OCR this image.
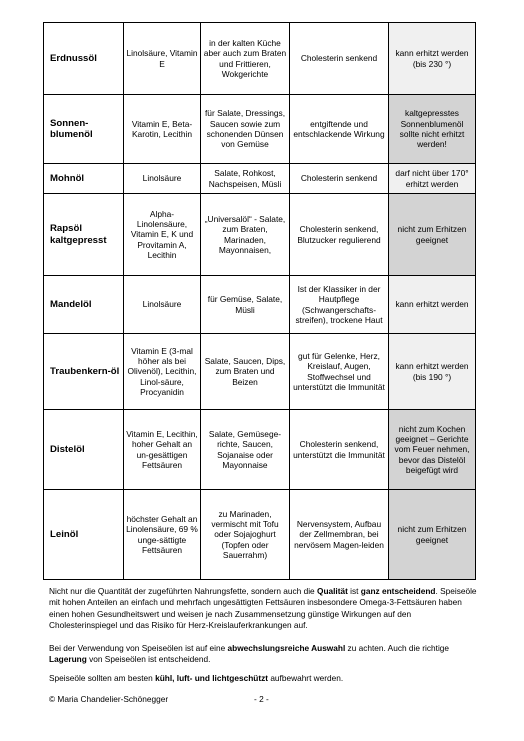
Erdnussöl	Linolsäure, Vitamin E	in der kalten Küche aber auch zum Braten und Frittieren, Wokgerichte	Cholesterin senkend	kann erhitzt werden (bis 230 °)
Sonnen-blumenöl	Vitamin E, Beta-Karotin, Lecithin	für Salate, Dressings, Saucen sowie zum schonenden Dünsen von Gemüse	entgiftende und entschlackende Wirkung	kaltgepresstes Sonnenblumenöl sollte nicht erhitzt werden!
Mohnöl	Linolsäure	Salate, Rohkost, Nachspeisen, Müsli	Cholesterin senkend	darf nicht über 170° erhitzt werden
Rapsöl kaltgepresst	Alpha-Linolensäure, Vitamin E, K und Provitamin A, Lecithin	„Universalöl“ - Salate, zum Braten, Marinaden, Mayonnaisen,	Cholesterin senkend, Blutzucker regulierend	nicht zum Erhitzen geeignet
Mandelöl	Linolsäure	für Gemüse, Salate, Müsli	Ist der Klassiker in der Hautpflege (Schwangerschafts-streifen), trockene Haut	kann erhitzt werden
Traubenkern-öl	Vitamin E (3-mal höher als bei Olivenöl), Lecithin, Linol-säure, Procyanidin	Salate, Saucen, Dips, zum Braten und Beizen	gut für Gelenke, Herz, Kreislauf, Augen, Stoffwechsel und unterstützt die Immunität	kann erhitzt werden (bis 190 °)
Distelöl	Vitamin E, Lecithin, hoher Gehalt an un-gesättigen Fettsäuren	Salate, Gemüsege-richte, Saucen, Sojanaise oder Mayonnaise	Cholesterin senkend, unterstützt die Immunität	nicht zum Kochen geeignet – Gerichte vom Feuer nehmen, bevor das Distelöl beigefügt wird
Leinöl	höchster Gehalt an Linolensäure, 69 % unge-sättigte Fettsäuren	zu Marinaden, vermischt mit Tofu oder Sojajoghurt (Topfen oder Sauerrahm)	Nervensystem, Aufbau der Zellmembran, bei nervösem Magen-leiden	nicht zum Erhitzen geeignet
Nicht nur die Quantität der zugeführten Nahrungsfette, sondern auch die Qualität ist ganz entscheidend. Speiseöle mit hohen Anteilen an einfach und mehrfach ungesättigten Fettsäuren insbesondere Omega-3-Fettsäuren haben einen hohen Gesundheitswert und weisen je nach Zusammensetzung günstige Wirkungen auf den Cholesterinspiegel und das Risiko für Herz-Kreislauferkrankungen auf.
Bei der Verwendung von Speiseölen ist auf eine abwechslungsreiche Auswahl zu achten. Auch die richtige Lagerung von Speiseölen ist entscheidend.
Speiseöle sollten am besten kühl, luft- und lichtgeschützt aufbewahrt werden.
© Maria Chandelier-Schönegger	- 2 -
